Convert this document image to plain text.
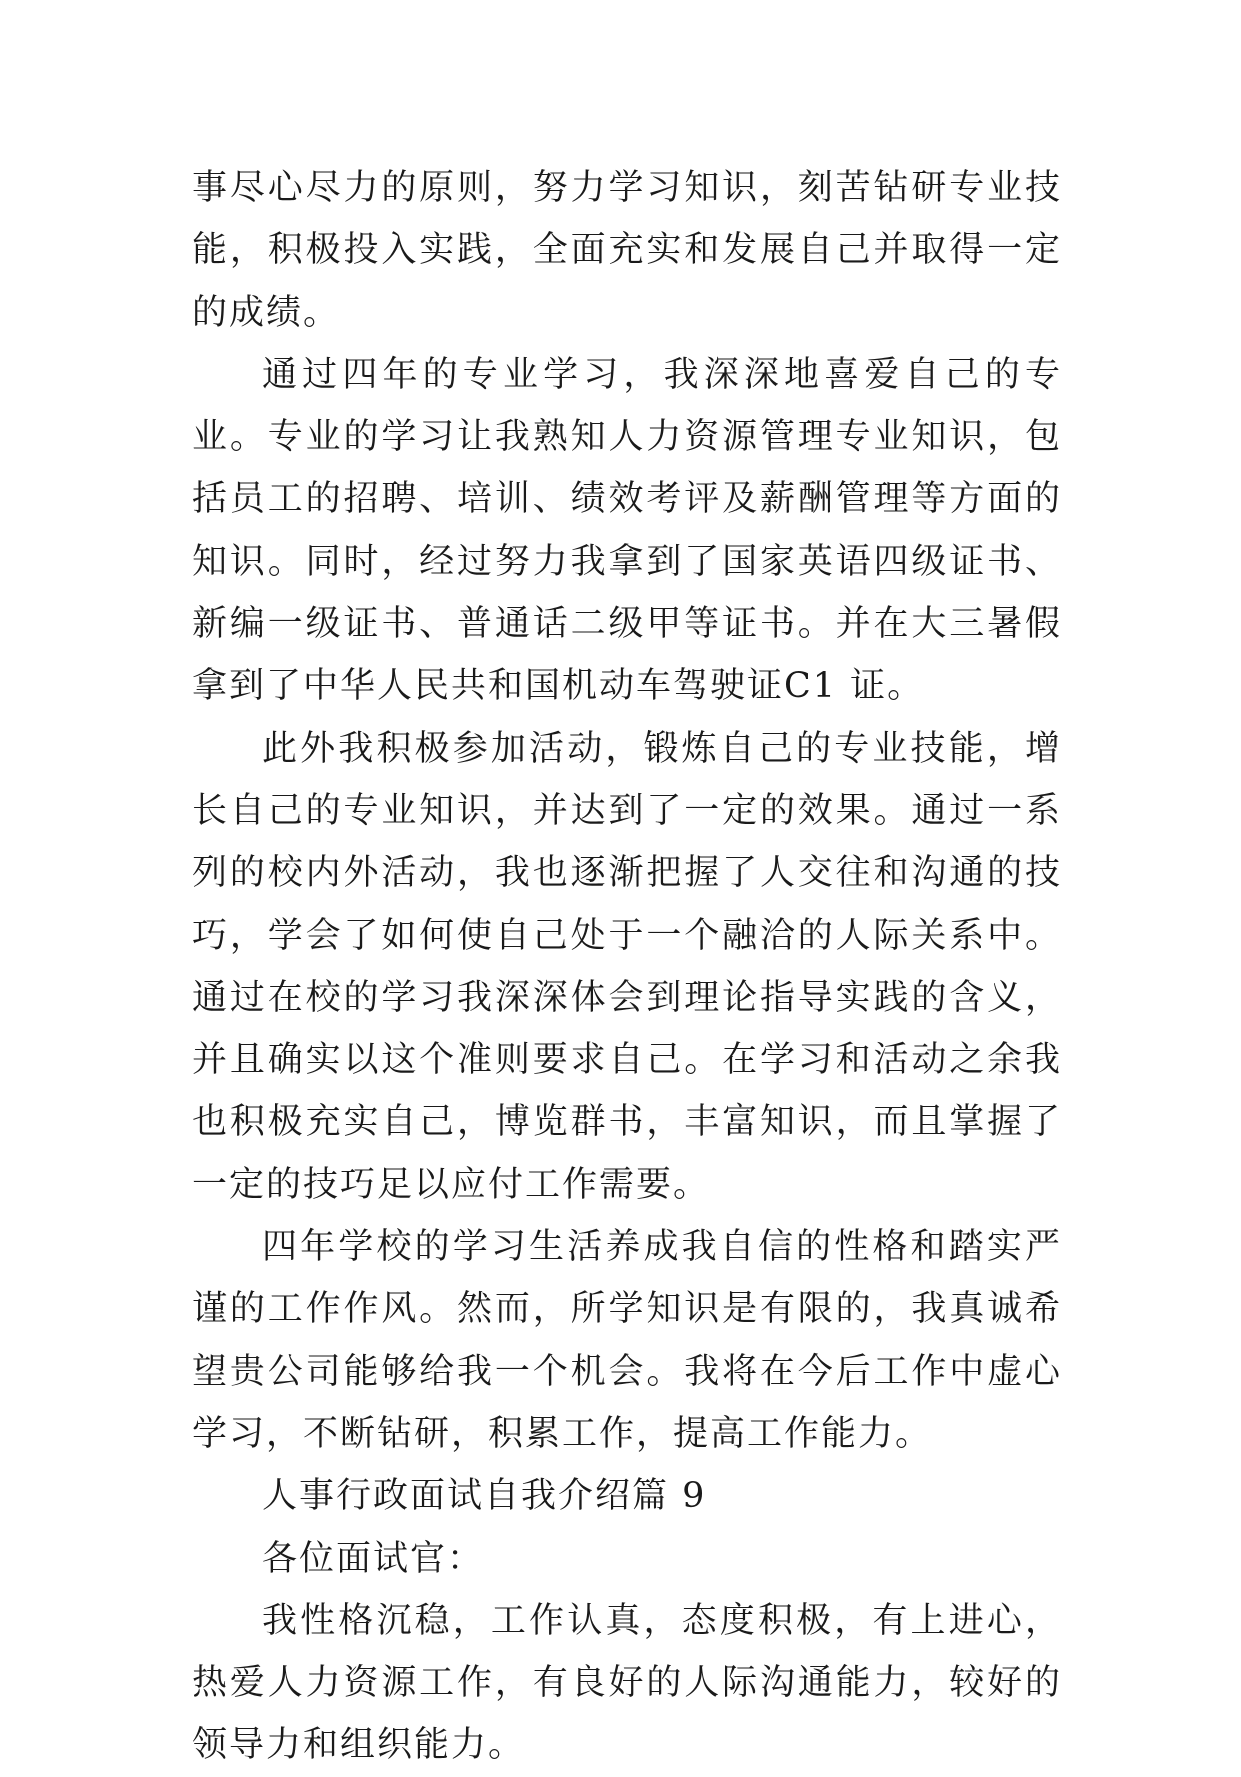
事尽心尽力的原则，努力学习知识，刻苦钻研专业技能，积极投入实践，全面充实和发展自己并取得一定的成绩。

通过四年的专业学习，我深深地喜爱自己的专业。专业的学习让我熟知人力资源管理专业知识，包括员工的招聘、培训、绩效考评及薪酬管理等方面的知识。同时，经过努力我拿到了国家英语四级证书、新编一级证书、普通话二级甲等证书。并在大三暑假拿到了中华人民共和国机动车驾驶证C1 证。

此外我积极参加活动，锻炼自己的专业技能，增长自己的专业知识，并达到了一定的效果。通过一系列的校内外活动，我也逐渐把握了人交往和沟通的技巧，学会了如何使自己处于一个融洽的人际关系中。通过在校的学习我深深体会到理论指导实践的含义，并且确实以这个准则要求自己。在学习和活动之余我也积极充实自己，博览群书，丰富知识，而且掌握了一定的技巧足以应付工作需要。

四年学校的学习生活养成我自信的性格和踏实严谨的工作作风。然而，所学知识是有限的，我真诚希望贵公司能够给我一个机会。我将在今后工作中虚心学习，不断钻研，积累工作，提高工作能力。

人事行政面试自我介绍篇 9

各位面试官：

我性格沉稳，工作认真，态度积极，有上进心，热爱人力资源工作，有良好的人际沟通能力，较好的领导力和组织能力。
